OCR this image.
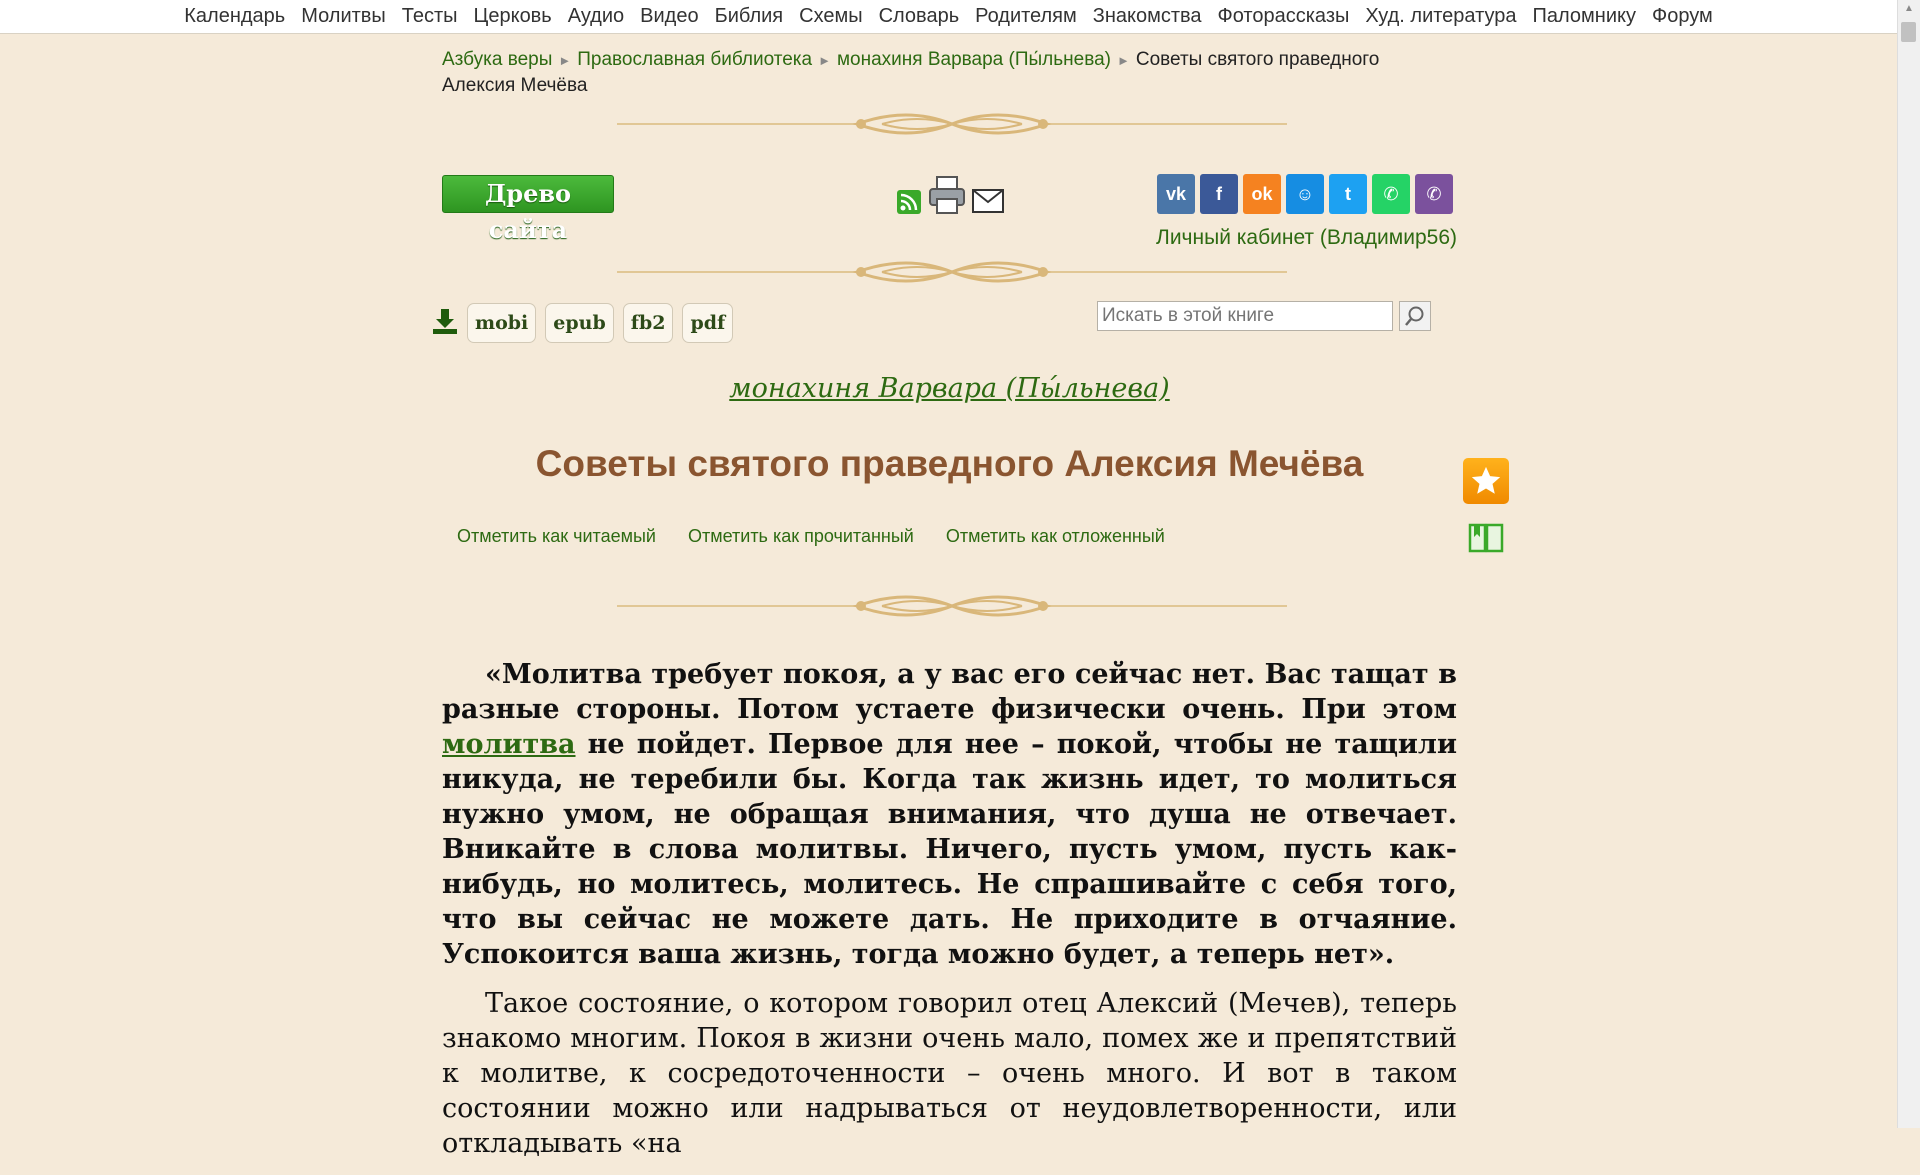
Календарь Молитвы Тесты Церковь Аудио Видео Библия Схемы Словарь Родителям Знакомства Фоторассказы Худ. литература Паломнику Форум	▲
Азбука веры ► Православная библиотека ► монахиня Варвара (Пы́льнева) ► Советы святого праведного Алексия Мечёва
Древо сайта
vk	f	ok	☺	t	✆	✆
Личный кабинет (Владимир56)
mobi	epub	fb2	pdf
Искать в этой книге
монахиня Варвара (Пы́льнева)
Советы святого праведного Алексия Мечёва
Отметить как читаемый Отметить как прочитанный Отметить как отложенный

«Молитва требует покоя, а у вас его сейчас нет. Вас тащат в разные стороны. Потом устаете физически очень. При этом молитва не пойдет. Первое для нее – покой, чтобы не тащили никуда, не теребили бы. Когда так жизнь идет, то молиться нужно умом, не обращая внимания, что душа не отвечает. Вникайте в слова молитвы. Ничего, пусть умом, пусть как-нибудь, но молитесь, молитесь. Не спрашивайте с себя того, что вы сейчас не можете дать. Не приходите в отчаяние. Успокоится ваша жизнь, тогда можно будет, а теперь нет».

Такое состояние, о котором говорил отец Алексий (Мечев), теперь знакомо многим. Покоя в жизни очень мало, помех же и препятствий к молитве, к сосредоточенности – очень много. И вот в таком состоянии можно или надрываться от неудовлетворенности, или откладывать «на
